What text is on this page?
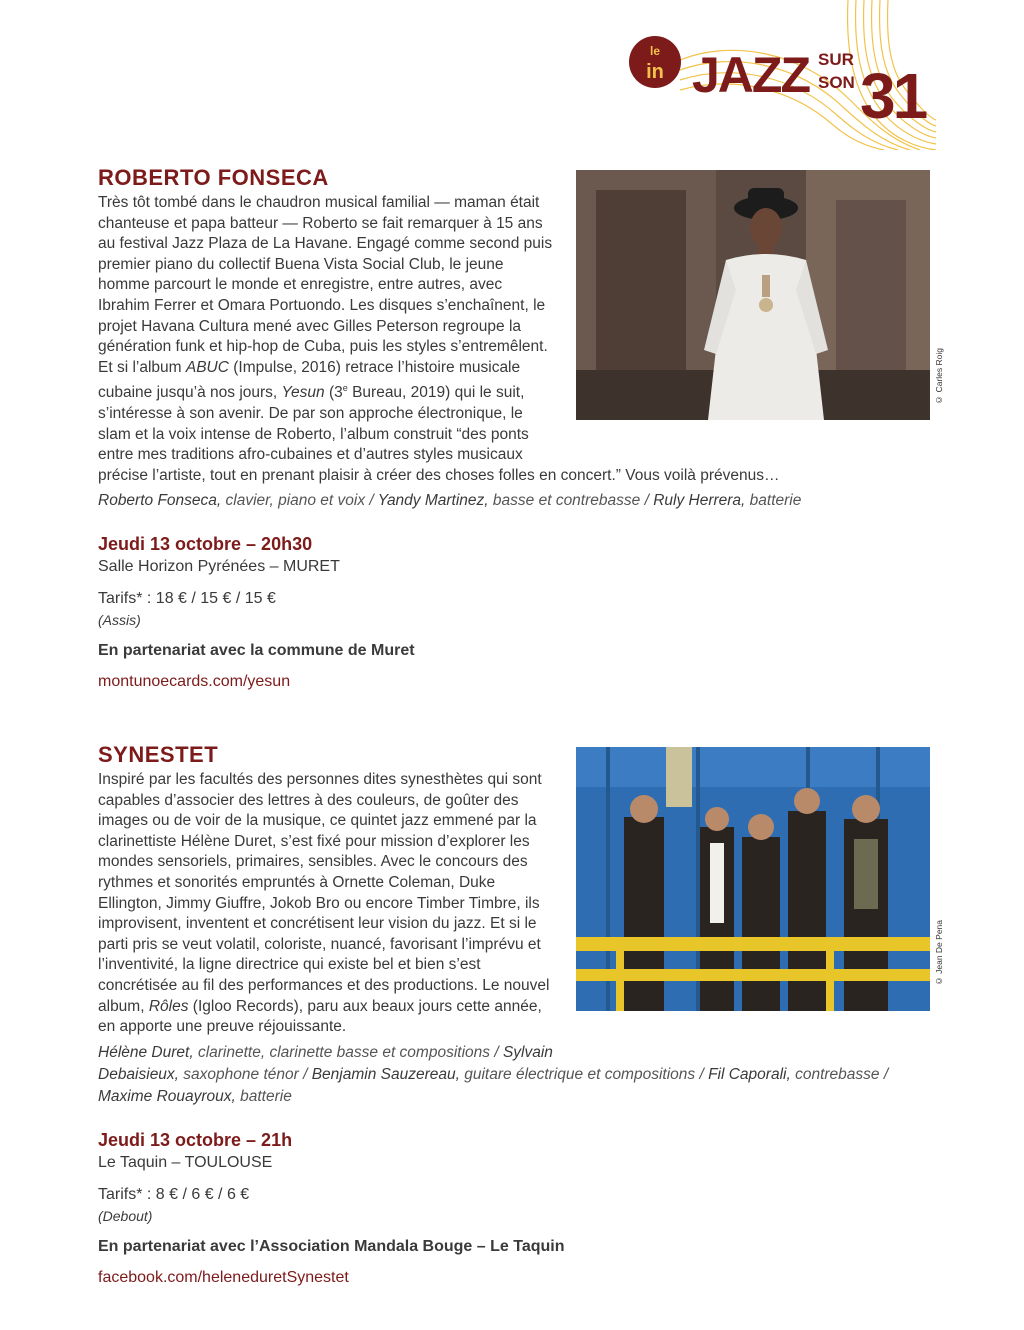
le
in JAZZ SUR
SON 31
ROBERTO FONSECA
© Carles Roig

Très tôt tombé dans le chaudron musical familial — maman était chanteuse et papa batteur — Roberto se fait remarquer à 15 ans au festival Jazz Plaza de La Havane. Engagé comme second puis premier piano du collectif Buena Vista Social Club, le jeune homme parcourt le monde et enregistre, entre autres, avec Ibrahim Ferrer et Omara Portuondo. Les disques s’enchaînent, le projet Havana Cultura mené avec Gilles Peterson regroupe la génération funk et hip-hop de Cuba, puis les styles s’entremêlent. Et si l’album ABUC (Impulse, 2016) retrace l’histoire musicale cubaine jusqu’à nos jours, Yesun (3e Bureau, 2019) qui le suit, s’intéresse à son avenir. De par son approche électronique, le slam et la voix intense de Roberto, l’album construit “des ponts entre mes traditions afro-cubaines et d’autres styles musicaux précise l’artiste, tout en prenant plaisir à créer des choses folles en concert.” Vous voilà prévenus…

Roberto Fonseca, clavier, piano et voix / Yandy Martinez, basse et contrebasse / Ruly Herrera, batterie
Jeudi 13 octobre – 20h30
Salle Horizon Pyrénées – MURET
Tarifs* : 18 € / 15 € / 15 €
(Assis)
En partenariat avec la commune de Muret
montunoecards.com/yesun
SYNESTET
© Jean De Pena

Inspiré par les facultés des personnes dites synesthètes qui sont capables d’associer des lettres à des couleurs, de goûter des images ou de voir de la musique, ce quintet jazz emmené par la clarinettiste Hélène Duret, s’est fixé pour mission d’explorer les mondes sensoriels, primaires, sensibles. Avec le concours des rythmes et sonorités empruntés à Ornette Coleman, Duke Ellington, Jimmy Giuffre, Jokob Bro ou encore Timber Timbre, ils improvisent, inventent et concrétisent leur vision du jazz. Et si le parti pris se veut volatil, coloriste, nuancé, favorisant l’imprévu et l’inventivité, la ligne directrice qui existe bel et bien s’est concrétisée au fil des performances et des productions. Le nouvel album, Rôles (Igloo Records), paru aux beaux jours cette année, en apporte une preuve réjouissante.

Hélène Duret, clarinette, clarinette basse et compositions / Sylvain Debaisieux, saxophone ténor / Benjamin Sauzereau, guitare électrique et compositions / Fil Caporali, contrebasse / Maxime Rouayroux, batterie
Jeudi 13 octobre – 21h
Le Taquin – TOULOUSE
Tarifs* : 8 € / 6 € / 6 €
(Debout)
En partenariat avec l’Association Mandala Bouge – Le Taquin
facebook.com/heleneduretSynestet
